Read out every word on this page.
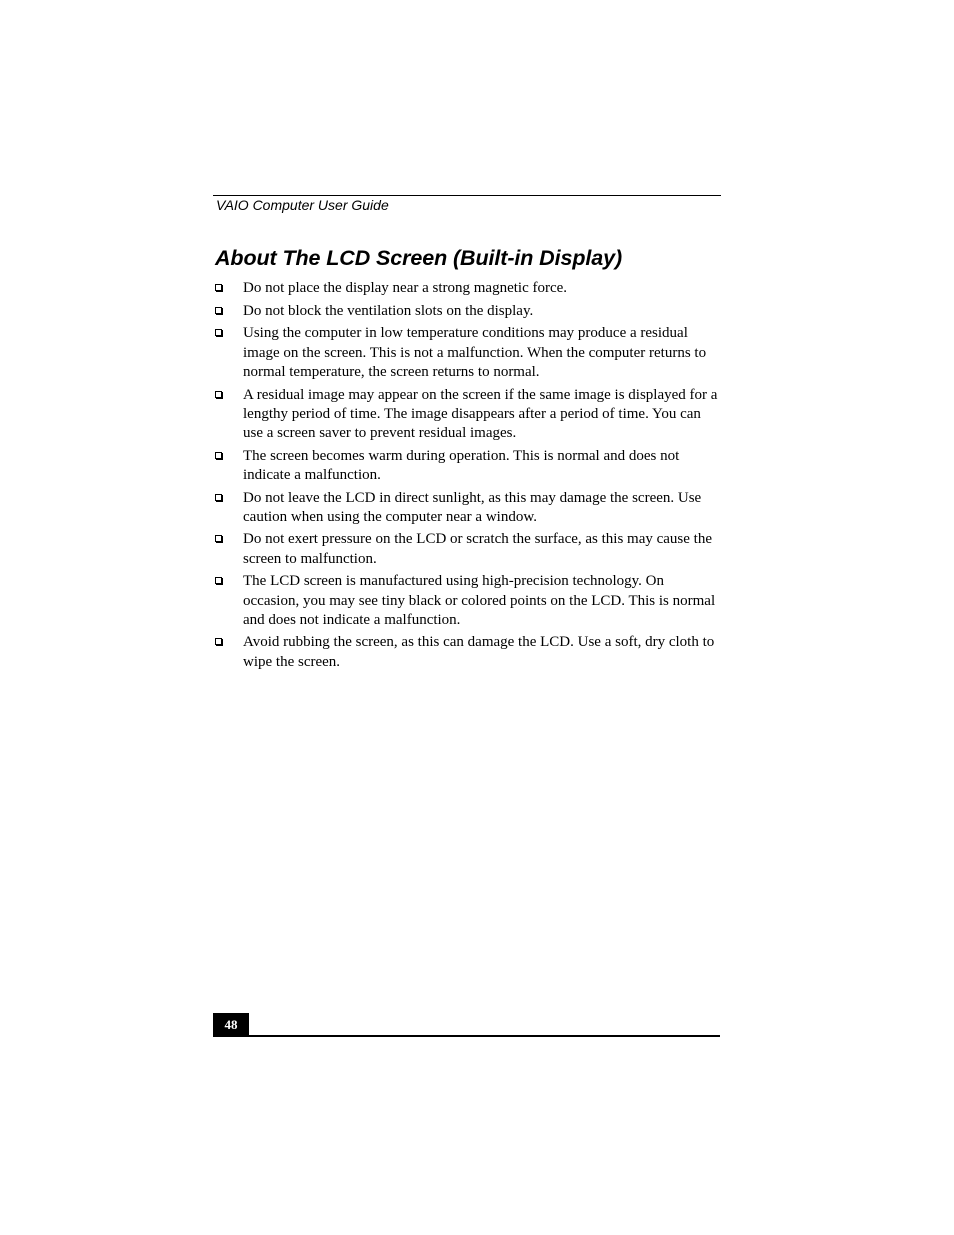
VAIO Computer User Guide
About The LCD Screen (Built-in Display)
Do not place the display near a strong magnetic force.
Do not block the ventilation slots on the display.
Using the computer in low temperature conditions may produce a residual image on the screen. This is not a malfunction. When the computer returns to normal temperature, the screen returns to normal.
A residual image may appear on the screen if the same image is displayed for a lengthy period of time. The image disappears after a period of time. You can use a screen saver to prevent residual images.
The screen becomes warm during operation. This is normal and does not indicate a malfunction.
Do not leave the LCD in direct sunlight, as this may damage the screen. Use caution when using the computer near a window.
Do not exert pressure on the LCD or scratch the surface, as this may cause the screen to malfunction.
The LCD screen is manufactured using high-precision technology. On occasion, you may see tiny black or colored points on the LCD. This is normal and does not indicate a malfunction.
Avoid rubbing the screen, as this can damage the LCD. Use a soft, dry cloth to wipe the screen.
48
